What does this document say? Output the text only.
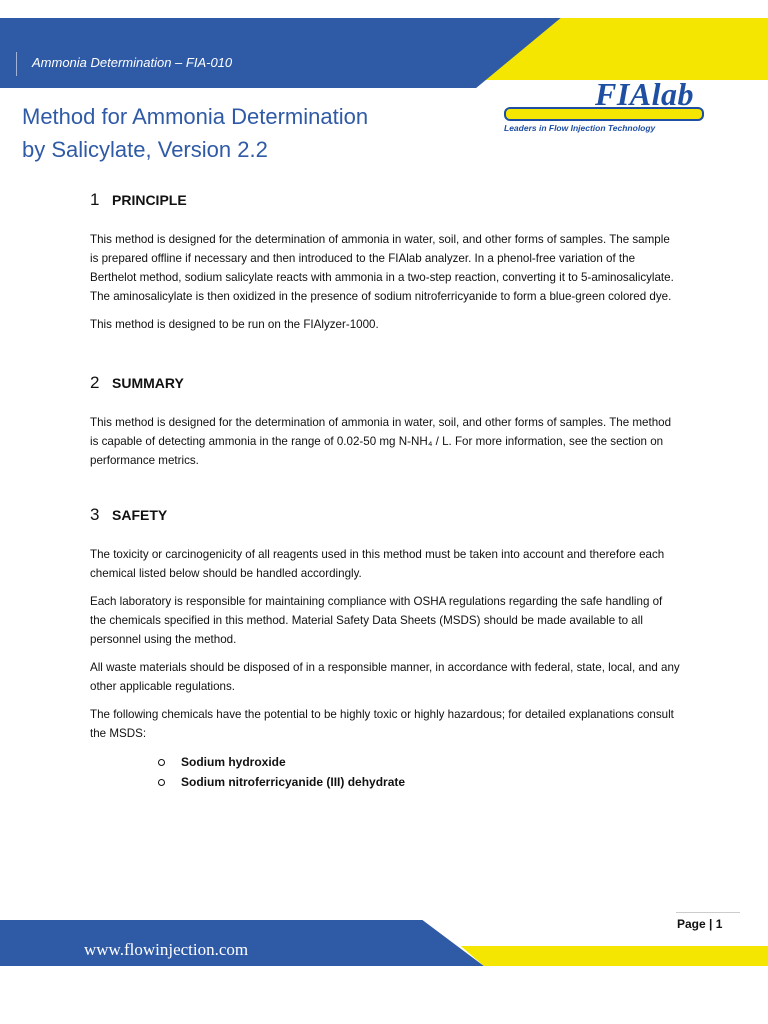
Ammonia Determination – FIA-010
Method for Ammonia Determination
by Salicylate, Version 2.2
FIAlab
Leaders in Flow Injection Technology
1 PRINCIPLE

This method is designed for the determination of ammonia in water, soil, and other forms of samples. The sample is prepared offline if necessary and then introduced to the FIAlab analyzer. In a phenol-free variation of the Berthelot method, sodium salicylate reacts with ammonia in a two-step reaction, converting it to 5-aminosalicylate. The aminosalicylate is then oxidized in the presence of sodium nitroferricyanide to form a blue-green colored dye.

This method is designed to be run on the FIAlyzer-1000.

2 SUMMARY

This method is designed for the determination of ammonia in water, soil, and other forms of samples. The method is capable of detecting ammonia in the range of 0.02-50 mg N-NH₄ / L. For more information, see the section on performance metrics.

3 SAFETY

The toxicity or carcinogenicity of all reagents used in this method must be taken into account and therefore each chemical listed below should be handled accordingly.

Each laboratory is responsible for maintaining compliance with OSHA regulations regarding the safe handling of the chemicals specified in this method. Material Safety Data Sheets (MSDS) should be made available to all personnel using the method.

All waste materials should be disposed of in a responsible manner, in accordance with federal, state, local, and any other applicable regulations.

The following chemicals have the potential to be highly toxic or highly hazardous; for detailed explanations consult the MSDS:

Sodium hydroxide
Sodium nitroferricyanide (III) dehydrate
Page | 1
www.flowinjection.com
